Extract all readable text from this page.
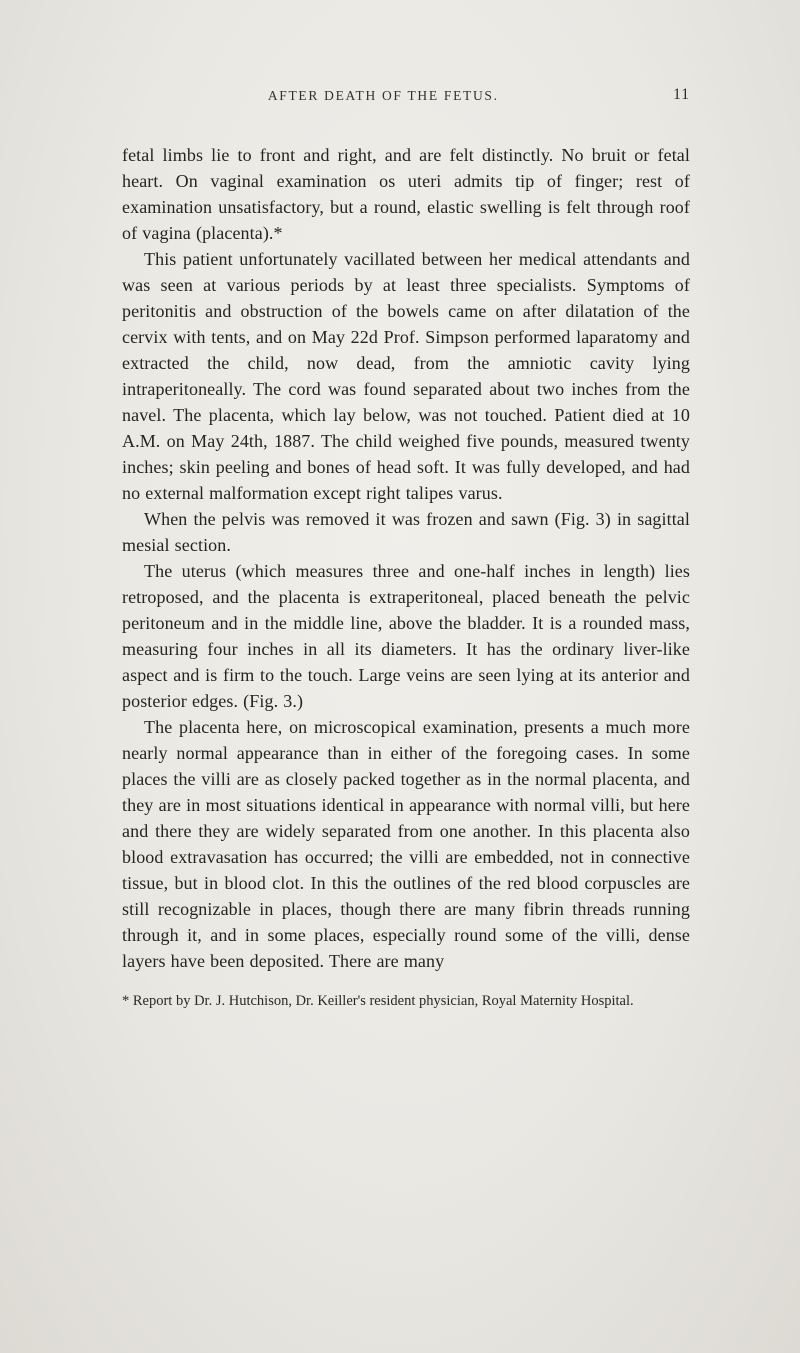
AFTER DEATH OF THE FETUS.	11

fetal limbs lie to front and right, and are felt distinctly. No bruit or fetal heart. On vaginal examination os uteri admits tip of finger; rest of examination unsatisfactory, but a round, elastic swelling is felt through roof of vagina (placenta).*

This patient unfortunately vacillated between her medical attendants and was seen at various periods by at least three specialists. Symptoms of peritonitis and obstruction of the bowels came on after dilatation of the cervix with tents, and on May 22d Prof. Simpson performed laparatomy and extracted the child, now dead, from the amniotic cavity lying intraperitoneally. The cord was found separated about two inches from the navel. The placenta, which lay below, was not touched. Patient died at 10 A.M. on May 24th, 1887. The child weighed five pounds, measured twenty inches; skin peeling and bones of head soft. It was fully developed, and had no external malformation except right talipes varus.

When the pelvis was removed it was frozen and sawn (Fig. 3) in sagittal mesial section.

The uterus (which measures three and one-half inches in length) lies retroposed, and the placenta is extraperitoneal, placed beneath the pelvic peritoneum and in the middle line, above the bladder. It is a rounded mass, measuring four inches in all its diameters. It has the ordinary liver-like aspect and is firm to the touch. Large veins are seen lying at its anterior and posterior edges. (Fig. 3.)

The placenta here, on microscopical examination, presents a much more nearly normal appearance than in either of the foregoing cases. In some places the villi are as closely packed together as in the normal placenta, and they are in most situations identical in appearance with normal villi, but here and there they are widely separated from one another. In this placenta also blood extravasation has occurred; the villi are embedded, not in connective tissue, but in blood clot. In this the outlines of the red blood corpuscles are still recognizable in places, though there are many fibrin threads running through it, and in some places, especially round some of the villi, dense layers have been deposited. There are many

* Report by Dr. J. Hutchison, Dr. Keiller's resident physician, Royal Maternity Hospital.
